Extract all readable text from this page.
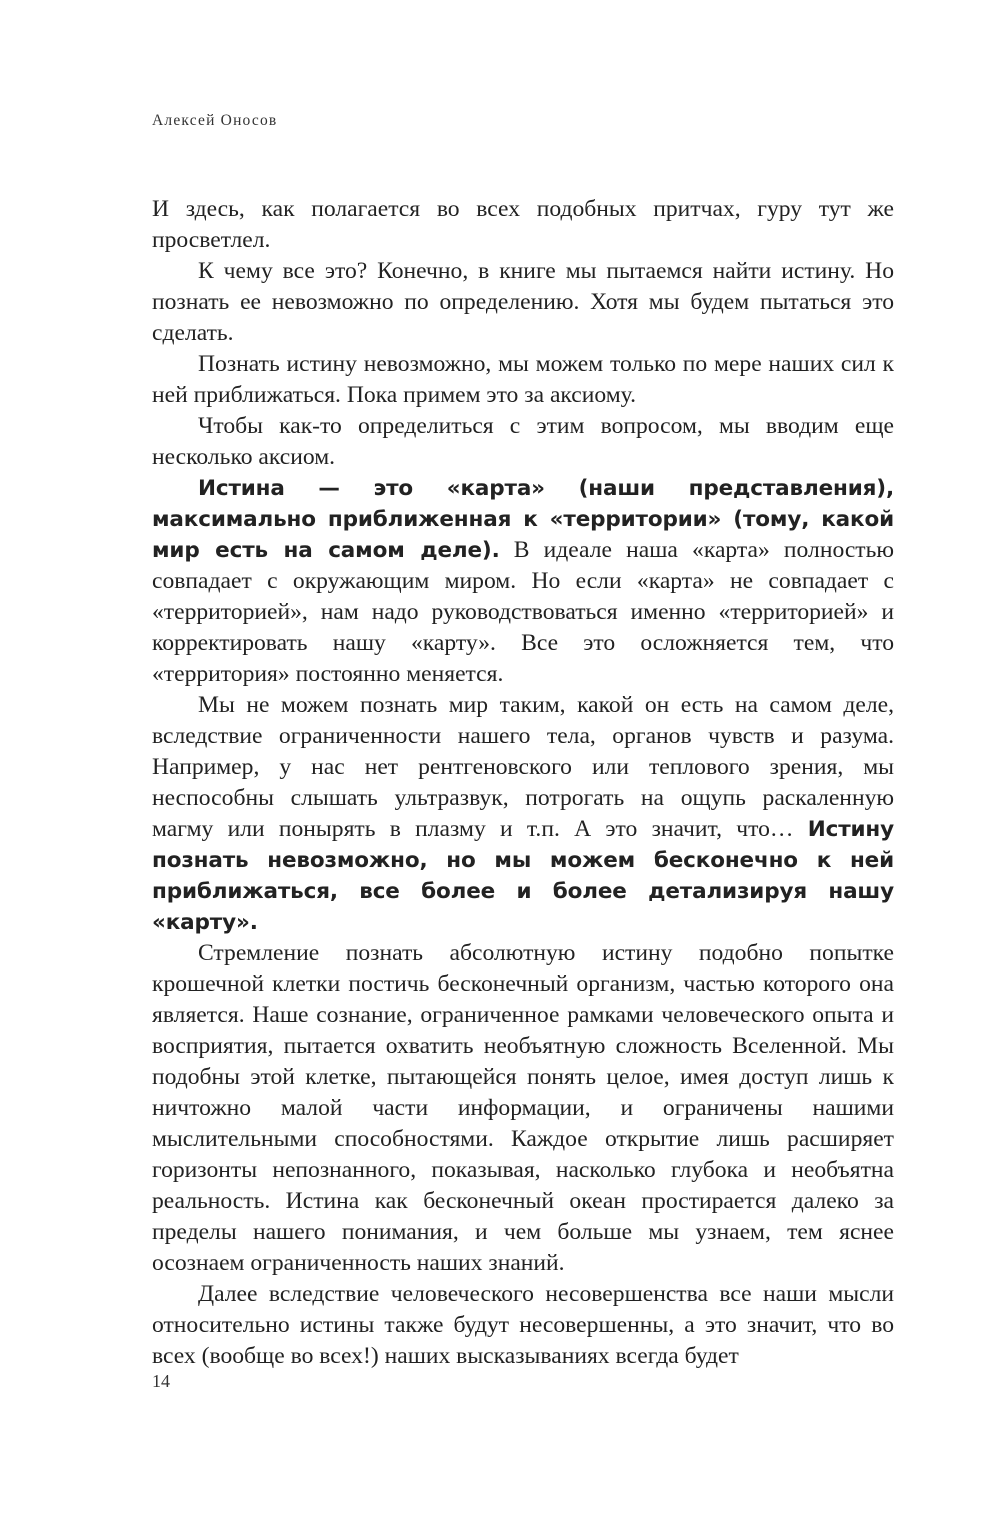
Алексей Оносов

И здесь, как полагается во всех подобных притчах, гуру тут же просветлел.

К чему все это? Конечно, в книге мы пытаемся найти истину. Но познать ее невозможно по определению. Хотя мы будем пытаться это сделать.

Познать истину невозможно, мы можем только по мере наших сил к ней приближаться. Пока примем это за аксиому.

Чтобы как-то определиться с этим вопросом, мы вводим еще несколько аксиом.

Истина — это «карта» (наши представления), максимально приближенная к «территории» (тому, какой мир есть на самом деле). В идеале наша «карта» полностью совпадает с окружающим миром. Но если «карта» не совпадает с «территорией», нам надо руководствоваться именно «территорией» и корректировать нашу «карту». Все это осложняется тем, что «территория» постоянно меняется.

Мы не можем познать мир таким, какой он есть на самом деле, вследствие ограниченности нашего тела, органов чувств и разума. Например, у нас нет рентгеновского или теплового зрения, мы неспособны слышать ультразвук, потрогать на ощупь раскаленную магму или понырять в плазму и т.п. А это значит, что… Истину познать невозможно, но мы можем бесконечно к ней приближаться, все более и более детализируя нашу «карту».

Стремление познать абсолютную истину подобно попытке крошечной клетки постичь бесконечный организм, частью которого она является. Наше сознание, ограниченное рамками человеческого опыта и восприятия, пытается охватить необъятную сложность Вселенной. Мы подобны этой клетке, пытающейся понять целое, имея доступ лишь к ничтожно малой части информации, и ограничены нашими мыслительными способностями. Каждое открытие лишь расширяет горизонты непознанного, показывая, насколько глубока и необъятна реальность. Истина как бесконечный океан простирается далеко за пределы нашего понимания, и чем больше мы узнаем, тем яснее осознаем ограниченность наших знаний.

Далее вследствие человеческого несовершенства все наши мысли относительно истины также будут несовершенны, а это значит, что во всех (вообще во всех!) наших высказываниях всегда будет

14
